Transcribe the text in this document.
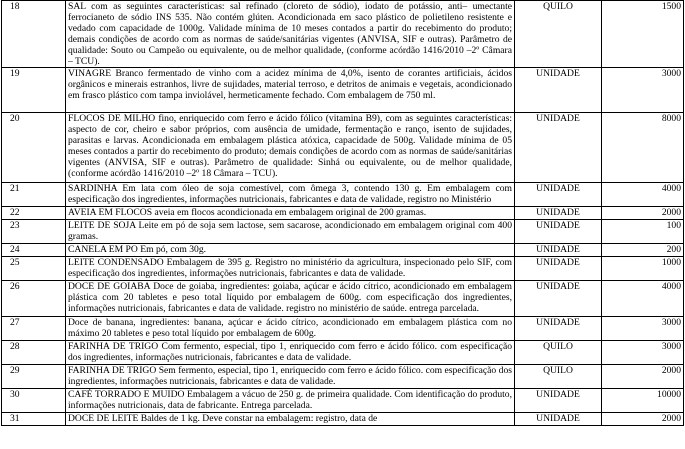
18	SAL com as seguintes características: sal refinado (cloreto de sódio), iodato de potássio, anti– umectante ferrocianeto de sódio INS 535. Não contém glúten. Acondicionada em saco plástico de polietileno resistente e vedado com capacidade de 1000g. Validade mínima de 10 meses contados a partir do recebimento do produto; demais condições de acordo com as normas de saúde/sanitárias vigentes (ANVISA, SIF e outras). Parâmetro de qualidade: Souto ou Campeão ou equivalente, ou de melhor qualidade, (conforme acórdão 1416/2010 –2º Câmara – TCU).	QUILO	1500
19	VINAGRE Branco fermentado de vinho com a acidez mínima de 4,0%, isento de corantes artificiais, ácidos orgânicos e minerais estranhos, livre de sujidades, material terroso, e detritos de animais e vegetais, acondicionado em frasco plástico com tampa inviolável, hermeticamente fechado. Com embalagem de 750 ml.	UNIDADE	3000
20	FLOCOS DE MILHO fino, enriquecido com ferro e ácido fólico (vitamina B9), com as seguintes características: aspecto de cor, cheiro e sabor próprios, com ausência de umidade, fermentação e ranço, isento de sujidades, parasitas e larvas. Acondicionada em embalagem plástica atóxica, capacidade de 500g. Validade mínima de 05 meses contados a partir do recebimento do produto; demais condições de acordo com as normas de saúde/sanitárias vigentes (ANVISA, SIF e outras). Parâmetro de qualidade: Sinhá ou equivalente, ou de melhor qualidade, (conforme acórdão 1416/2010 –2º 18 Câmara – TCU).	UNIDADE	8000
21	SARDINHA Em lata com óleo de soja comestível, com ômega 3, contendo 130 g. Em embalagem com especificação dos ingredientes, informações nutricionais, fabricantes e data de validade, registro no Ministério	UNIDADE	4000
22	AVEIA EM FLOCOS aveia em flocos acondicionada em embalagem original de 200 gramas.	UNIDADE	2000
23	LEITE DE SOJA Leite em pó de soja sem lactose, sem sacarose, acondicionado em embalagem original com 400 gramas.	UNIDADE	100
24	CANELA EM PO Em pó, com 30g.	UNIDADE	200
25	LEITE CONDENSADO Embalagem de 395 g. Registro no ministério da agricultura, inspecionado pelo SIF, com especificação dos ingredientes, informações nutricionais, fabricantes e data de validade.	UNIDADE	1000
26	DOCE DE GOIABA Doce de goiaba, ingredientes: goiaba, açúcar e ácido cítrico, acondicionado em embalagem plástica com 20 tabletes e peso total líquido por embalagem de 600g. com especificação dos ingredientes, informações nutricionais, fabricantes e data de validade. registro no ministério de saúde. entrega parcelada.	UNIDADE	4000
27	Doce de banana, ingredientes: banana, açúcar e ácido cítrico, acondicionado em embalagem plástica com no máximo 20 tabletes e peso total líquido por embalagem de 600g.	UNIDADE	3000
28	FARINHA DE TRIGO Com fermento, especial, tipo 1, enriquecido com ferro e ácido fólico. com especificação dos ingredientes, informações nutricionais, fabricantes e data de validade.	QUILO	3000
29	FARINHA DE TRIGO Sem fermento, especial, tipo 1, enriquecido com ferro e ácido fólico. com especificação dos ingredientes, informações nutricionais, fabricantes e data de validade.	QUILO	2000
30	CAFÉ TORRADO E MUIDO Embalagem a vácuo de 250 g. de primeira qualidade. Com identificação do produto, informações nutricionais, data de fabricante. Entrega parcelada.	UNIDADE	10000
31	DOCE DE LEITE Baldes de 1 kg. Deve constar na embalagem: registro, data de	UNIDADE	2000
